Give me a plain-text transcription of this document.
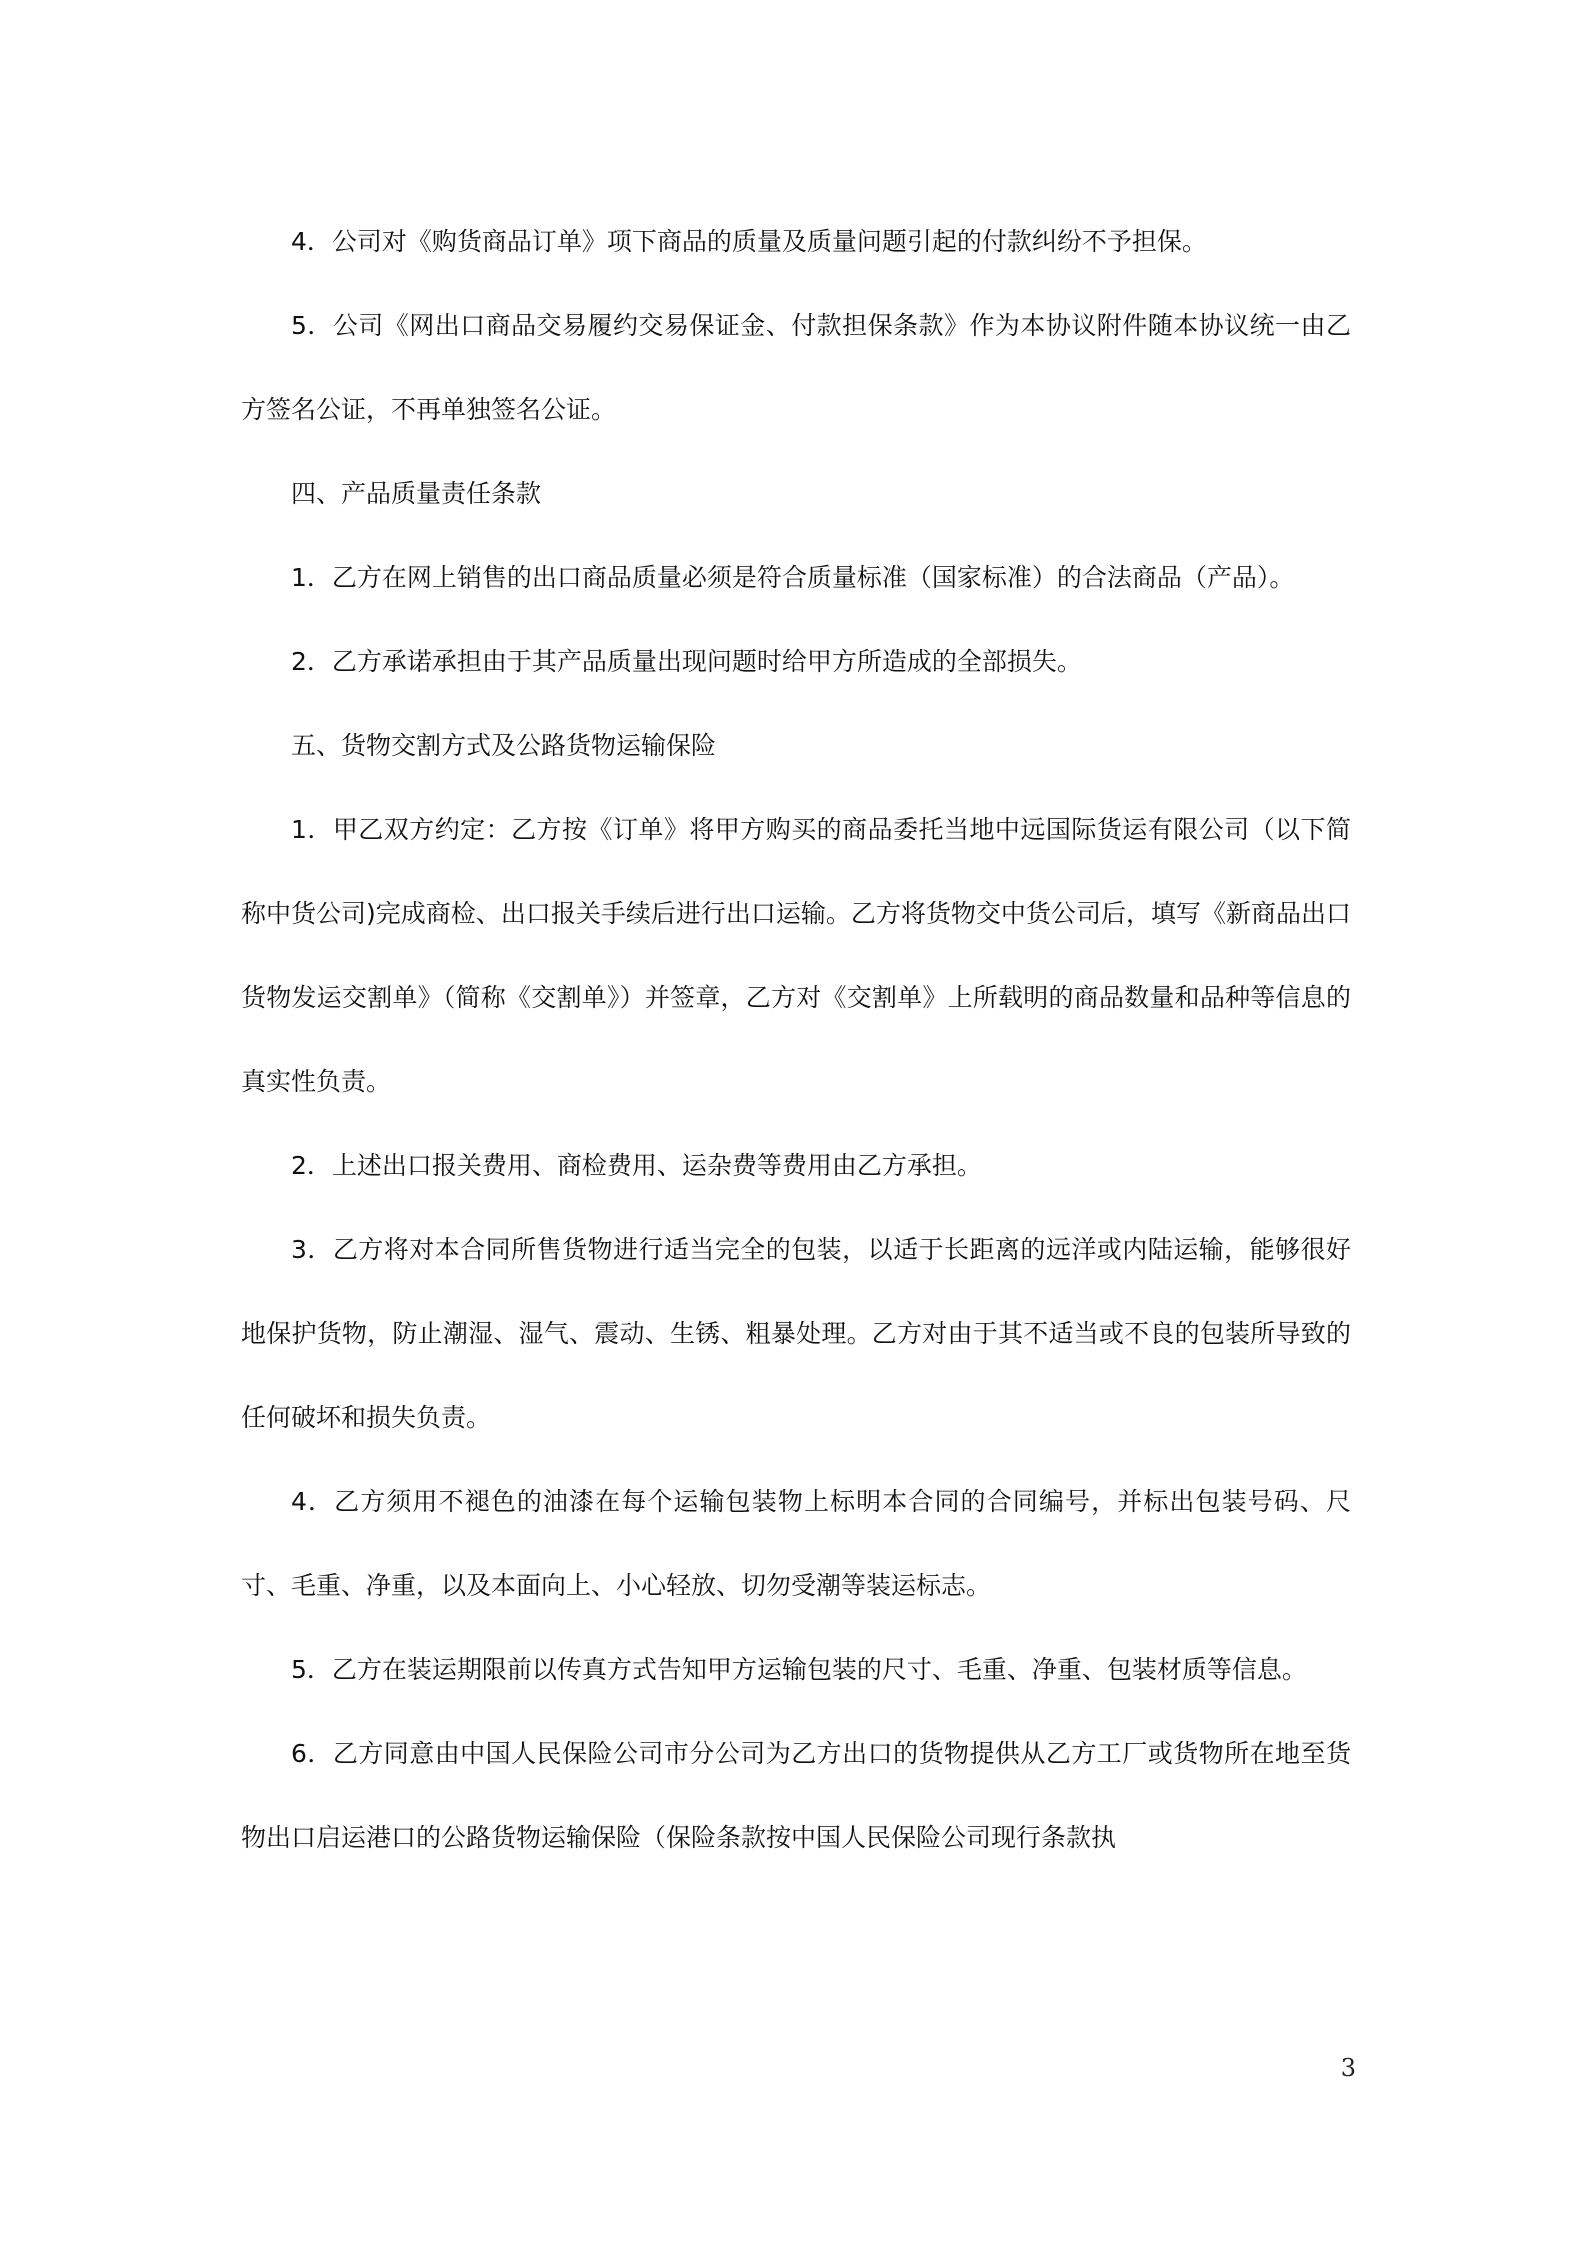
4．公司对《购货商品订单》项下商品的质量及质量问题引起的付款纠纷不予担保。

5．公司《网出口商品交易履约交易保证金、付款担保条款》作为本协议附件随本协议统一由乙方签名公证，不再单独签名公证。

四、产品质量责任条款

1．乙方在网上销售的出口商品质量必须是符合质量标准（国家标准）的合法商品（产品）。

2．乙方承诺承担由于其产品质量出现问题时给甲方所造成的全部损失。

五、货物交割方式及公路货物运输保险

1．甲乙双方约定：乙方按《订单》将甲方购买的商品委托当地中远国际货运有限公司（以下简称中货公司)完成商检、出口报关手续后进行出口运输。乙方将货物交中货公司后，填写《新商品出口货物发运交割单》（简称《交割单》）并签章，乙方对《交割单》上所载明的商品数量和品种等信息的真实性负责。

2．上述出口报关费用、商检费用、运杂费等费用由乙方承担。

3．乙方将对本合同所售货物进行适当完全的包装，以适于长距离的远洋或内陆运输，能够很好地保护货物，防止潮湿、湿气、震动、生锈、粗暴处理。乙方对由于其不适当或不良的包装所导致的任何破坏和损失负责。

4．乙方须用不褪色的油漆在每个运输包装物上标明本合同的合同编号，并标出包装号码、尺寸、毛重、净重，以及本面向上、小心轻放、切勿受潮等装运标志。

5．乙方在装运期限前以传真方式告知甲方运输包装的尺寸、毛重、净重、包装材质等信息。

6．乙方同意由中国人民保险公司市分公司为乙方出口的货物提供从乙方工厂或货物所在地至货物出口启运港口的公路货物运输保险（保险条款按中国人民保险公司现行条款执

3
